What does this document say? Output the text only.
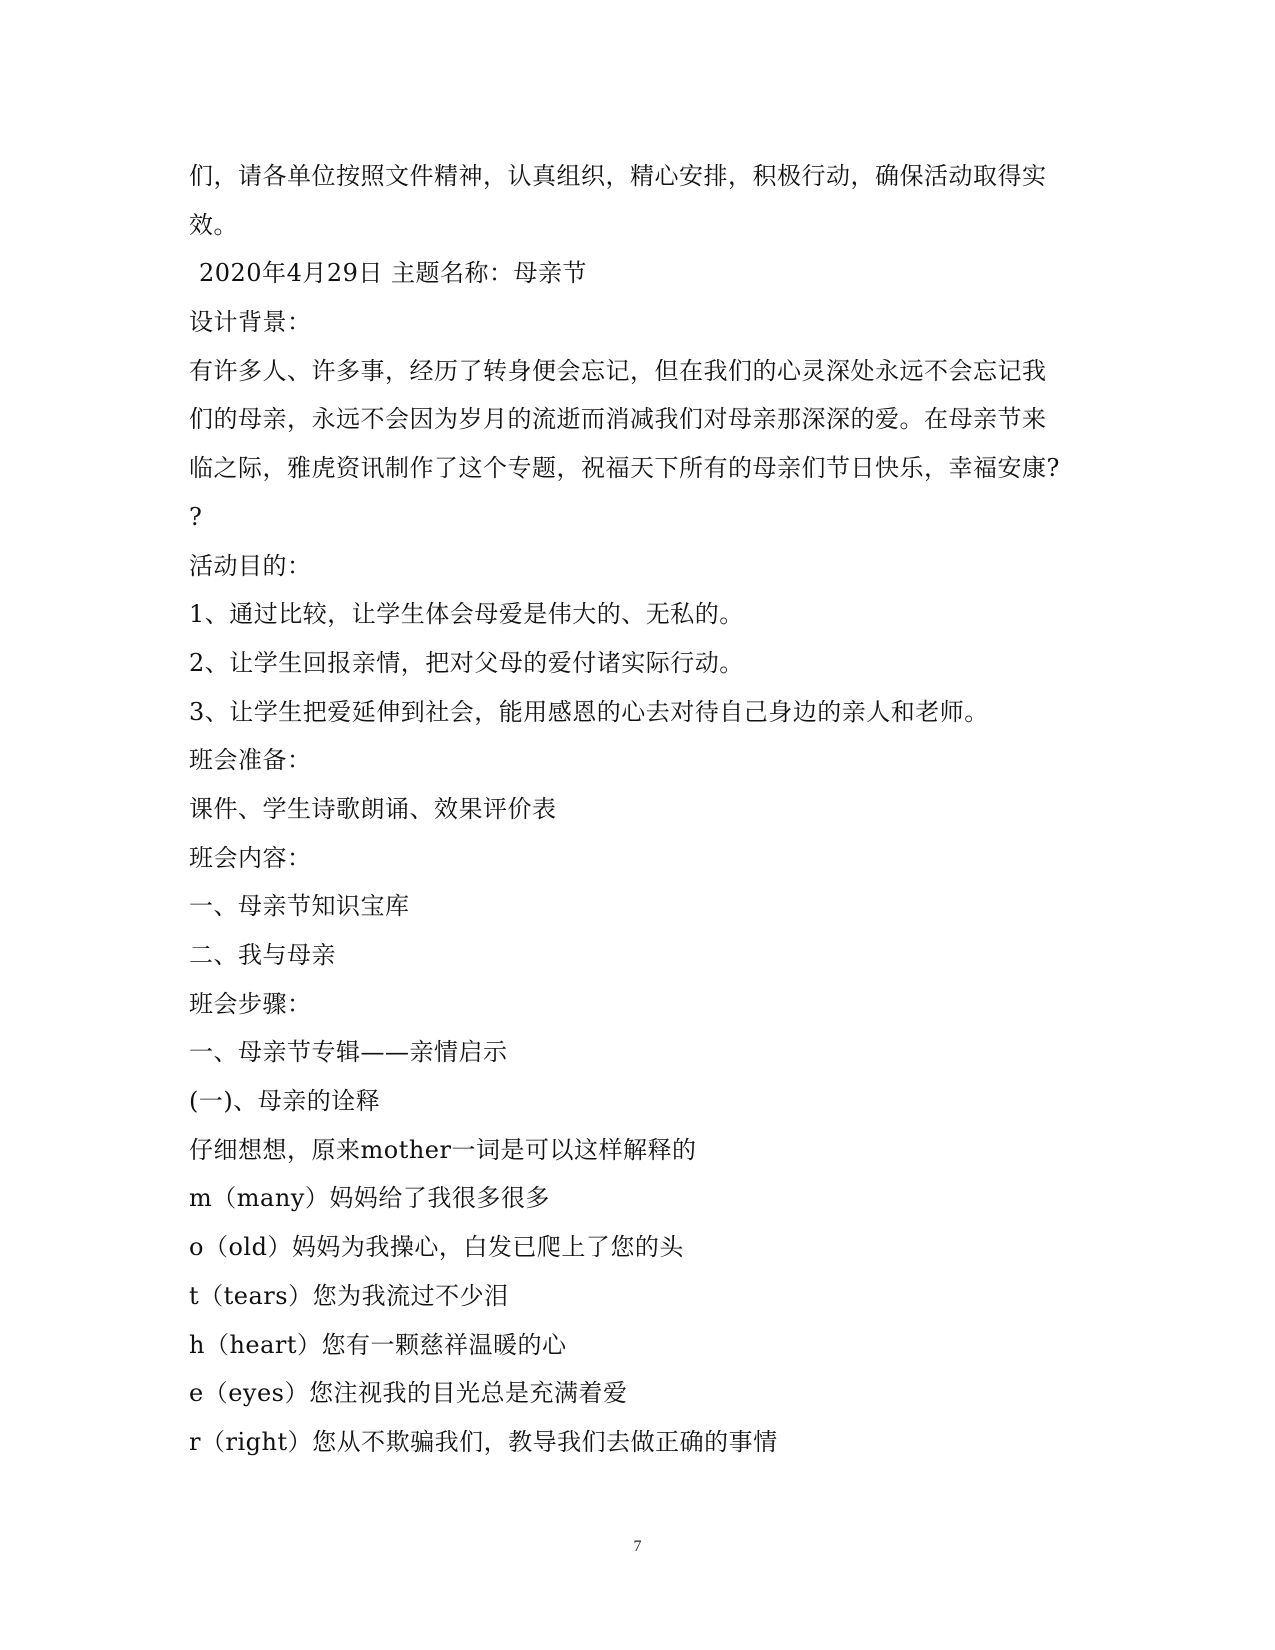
们，请各单位按照文件精神，认真组织，精心安排，积极行动，确保活动取得实
效。
2020年4月29日 主题名称：母亲节
设计背景：
有许多人、许多事，经历了转身便会忘记，但在我们的心灵深处永远不会忘记我
们的母亲，永远不会因为岁月的流逝而消减我们对母亲那深深的爱。在母亲节来
临之际，雅虎资讯制作了这个专题，祝福天下所有的母亲们节日快乐，幸福安康?
?
活动目的：
1、通过比较，让学生体会母爱是伟大的、无私的。
2、让学生回报亲情，把对父母的爱付诸实际行动。
3、让学生把爱延伸到社会，能用感恩的心去对待自己身边的亲人和老师。
班会准备：
课件、学生诗歌朗诵、效果评价表
班会内容：
一、母亲节知识宝库
二、我与母亲
班会步骤：
一、母亲节专辑——亲情启示
(一)、母亲的诠释
仔细想想，原来mother一词是可以这样解释的
m（many）妈妈给了我很多很多
o（old）妈妈为我操心，白发已爬上了您的头
t（tears）您为我流过不少泪
h（heart）您有一颗慈祥温暖的心
e（eyes）您注视我的目光总是充满着爱
r（right）您从不欺骗我们，教导我们去做正确的事情
7
